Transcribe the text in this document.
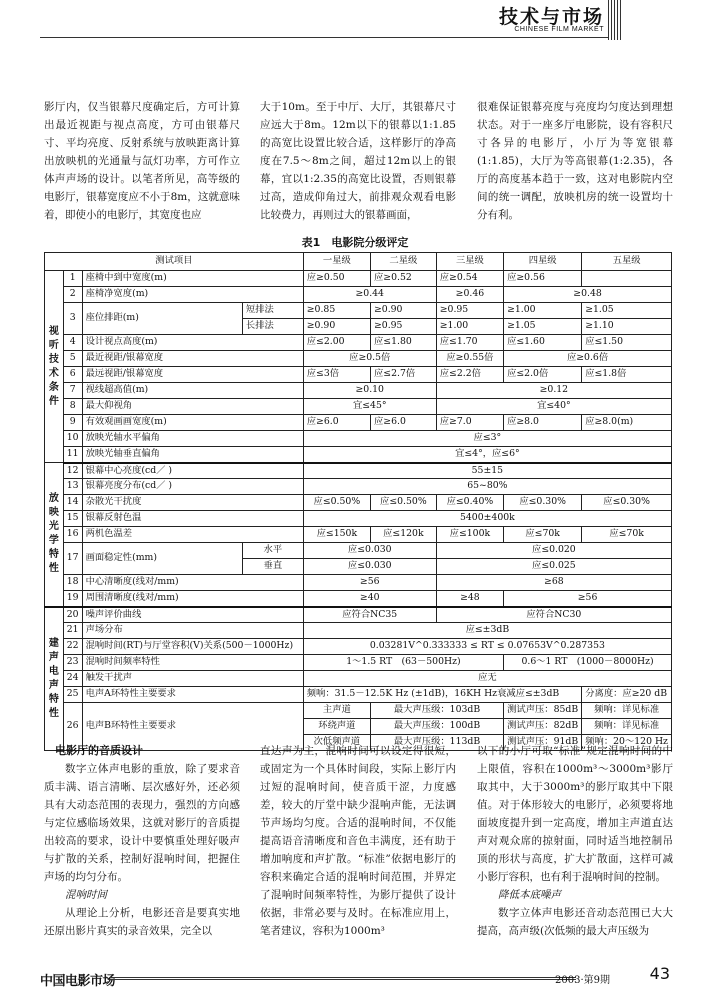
技术与市场
CHINESE FILM MARKET

影厅内，仅当银幕尺度确定后，方可计算出最近视距与视点高度，方可由银幕尺寸、平均亮度、反射系统与放映距离计算出放映机的光通量与氙灯功率，方可作立体声声场的设计。以笔者所见，高等级的电影厅，银幕宽度应不小于8m，这就意味着，即使小的电影厅，其宽度也应

大于10m。至于中厅、大厅，其银幕尺寸应远大于8m。12m以下的银幕以1:1.85的高宽比设置比较合适，这样影厅的净高度在7.5～8m之间，超过12m以上的银幕，宜以1:2.35的高宽比设置，否则银幕过高，造成仰角过大，前排观众观看电影比较费力，再则过大的银幕画面，

很难保证银幕亮度与亮度均匀度达到理想状态。对于一座多厅电影院，设有容积尺寸各异的电影厅，小厅为等宽银幕(1:1.85)，大厅为等高银幕(1:2.35)，各厅的高度基本趋于一致，这对电影院内空间的统一调配，放映机房的统一设置均十分有利。

表1　电影院分级评定
测试项目				一星级	二星级	三星级	四星级	五星级
视听技术条件	1	座椅中到中宽度(m)		应≥0.50	应≥0.52	应≥0.54	应≥0.56	
	2	座椅净宽度(m)		≥0.44		≥0.46	≥0.48	
	3	座位排距(m)	短排法	≥0.85	≥0.90	≥0.95	≥1.00	≥1.05
			长排法	≥0.90	≥0.95	≥1.00	≥1.05	≥1.10
	4	设计视点高度(m)		应≤2.00	应≤1.80	应≤1.70	应≤1.60	应≤1.50
	5	最近视距/银幕宽度		应≥0.5倍		应≥0.55倍	应≥0.6倍	
	6	最远视距/银幕宽度		应≤3倍	应≤2.7倍	应≤2.2倍	应≤2.0倍	应≤1.8倍
	7	视线超高值(m)		≥0.10		≥0.12		
	8	最大仰视角		宜≤45°		宜≤40°		
	9	有效观画画宽度(m)		应≥6.0	应≥6.0	应≥7.0	应≥8.0	应≥8.0(m)
	10	放映光轴水平偏角		应≤3°				
	11	放映光轴垂直偏角		宜≤4°，应≤6°				
放映光学特性	12	银幕中心亮度(cd／ )		55±15				
	13	银幕亮度分布(cd／ )		65~80%				
	14	杂散光干扰度		应≤0.50%	应≤0.50%	应≤0.40%	应≤0.30%	应≤0.30%
	15	银幕反射色温		5400±400k				
	16	两机色温差		应≤150k	应≤120k	应≤100k	应≤70k	应≤70k
	17	画面稳定性(mm)	水平	应≤0.030		应≤0.020		
			垂直	应≤0.030		应≤0.025		
	18	中心清晰度(线对/mm)		≥56		≥68		
	19	周围清晰度(线对/mm)		≥40		≥48	≥56	
建声电声特性	20	噪声评价曲线		应符合NC35		应符合NC30		
	21	声场分布		应≤±3dB				
	22	混响时间(RT)与厅堂容积(V)关系(500－1000Hz)		0.03281V^0.333333 ≤ RT ≤ 0.07653V^0.287353				
	23	混响时间频率特性		1～1.5 RT　(63－500Hz)			0.6～1 RT　(1000－8000Hz)	
	24	触发干扰声		应无				
	25	电声A环特性主要要求		频响：31.5－12.5K Hz (±1dB)，16KH Hz衰减应≤±3dB				分离度：应≥20 dB
	26	电声B环特性主要要求		主声道	最大声压级：103dB		测试声压：85dB	频响：详见标准
				环绕声道	最大声压级：100dB		测试声压：82dB	频响：详见标准
				次低频声道	最大声压级：113dB		测试声压：91dB	频响：20～120 Hz

电影厅的音质设计

数字立体声电影的重放，除了要求音质丰满、语言清晰、层次感好外，还必须具有大动态范围的表现力，强烈的方向感与定位感临场效果，这就对影厅的音质提出较高的要求，设计中要慎重处理好吸声与扩散的关系，控制好混响时间，把握住声场的均匀分布。

混响时间

从理论上分析，电影还音是要真实地还原出影片真实的录音效果，完全以

直达声为主，混响时间可以设定得很短，或固定为一个具体时间段，实际上影厅内过短的混响时间，使音质干涩，力度感差，较大的厅堂中缺少混响声能，无法调节声场均匀度。合适的混响时间，不仅能提高语音清晰度和音色丰满度，还有助于增加响度和声扩散。“标准”依据电影厅的容积来确定合适的混响时间范围，并界定了混响时间频率特性，为影厅提供了设计依据，非常必要与及时。在标准应用上，笔者建议，容积为1000m³

以下的小厅可取“标准”规定混响时间的中上限值，容积在1000m³～3000m³影厅取其中，大于3000m³的影厅取其中下限值。对于体形较大的电影厅，必须要将地面坡度提升到一定高度，增加主声道直达声对观众席的掠射面，同时适当地控制吊顶的形状与高度，扩大扩散面，这样可减小影厅容积，也有利于混响时间的控制。

降低本底噪声

数字立体声电影还音动态范围已大大提高，高声级(次低频的最大声压级为

中国电影市场	2003·第9期 43
